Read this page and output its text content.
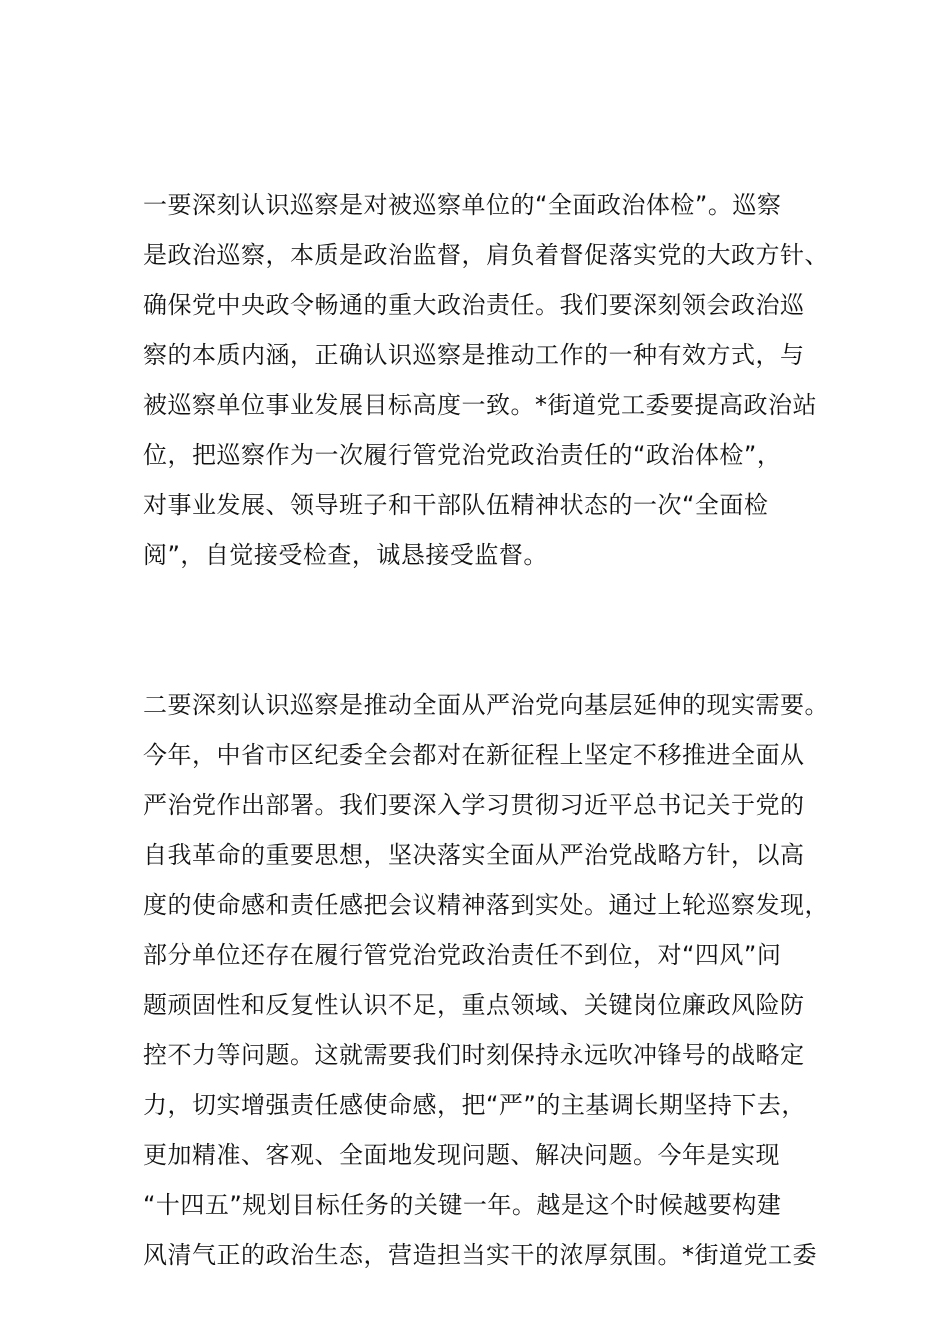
一要深刻认识巡察是对被巡察单位的“全面政治体检”。巡察
是政治巡察，本质是政治监督，肩负着督促落实党的大政方针、
确保党中央政令畅通的重大政治责任。我们要深刻领会政治巡
察的本质内涵，正确认识巡察是推动工作的一种有效方式，与
被巡察单位事业发展目标高度一致。*街道党工委要提高政治站
位，把巡察作为一次履行管党治党政治责任的“政治体检”，
对事业发展、领导班子和干部队伍精神状态的一次“全面检
阅”，自觉接受检查，诚恳接受监督。
二要深刻认识巡察是推动全面从严治党向基层延伸的现实需要。
今年，中省市区纪委全会都对在新征程上坚定不移推进全面从
严治党作出部署。我们要深入学习贯彻习近平总书记关于党的
自我革命的重要思想，坚决落实全面从严治党战略方针，以高
度的使命感和责任感把会议精神落到实处。通过上轮巡察发现，
部分单位还存在履行管党治党政治责任不到位，对“四风”问
题顽固性和反复性认识不足，重点领域、关键岗位廉政风险防
控不力等问题。这就需要我们时刻保持永远吹冲锋号的战略定
力，切实增强责任感使命感，把“严”的主基调长期坚持下去，
更加精准、客观、全面地发现问题、解决问题。今年是实现
“十四五”规划目标任务的关键一年。越是这个时候越要构建
风清气正的政治生态，营造担当实干的浓厚氛围。*街道党工委
